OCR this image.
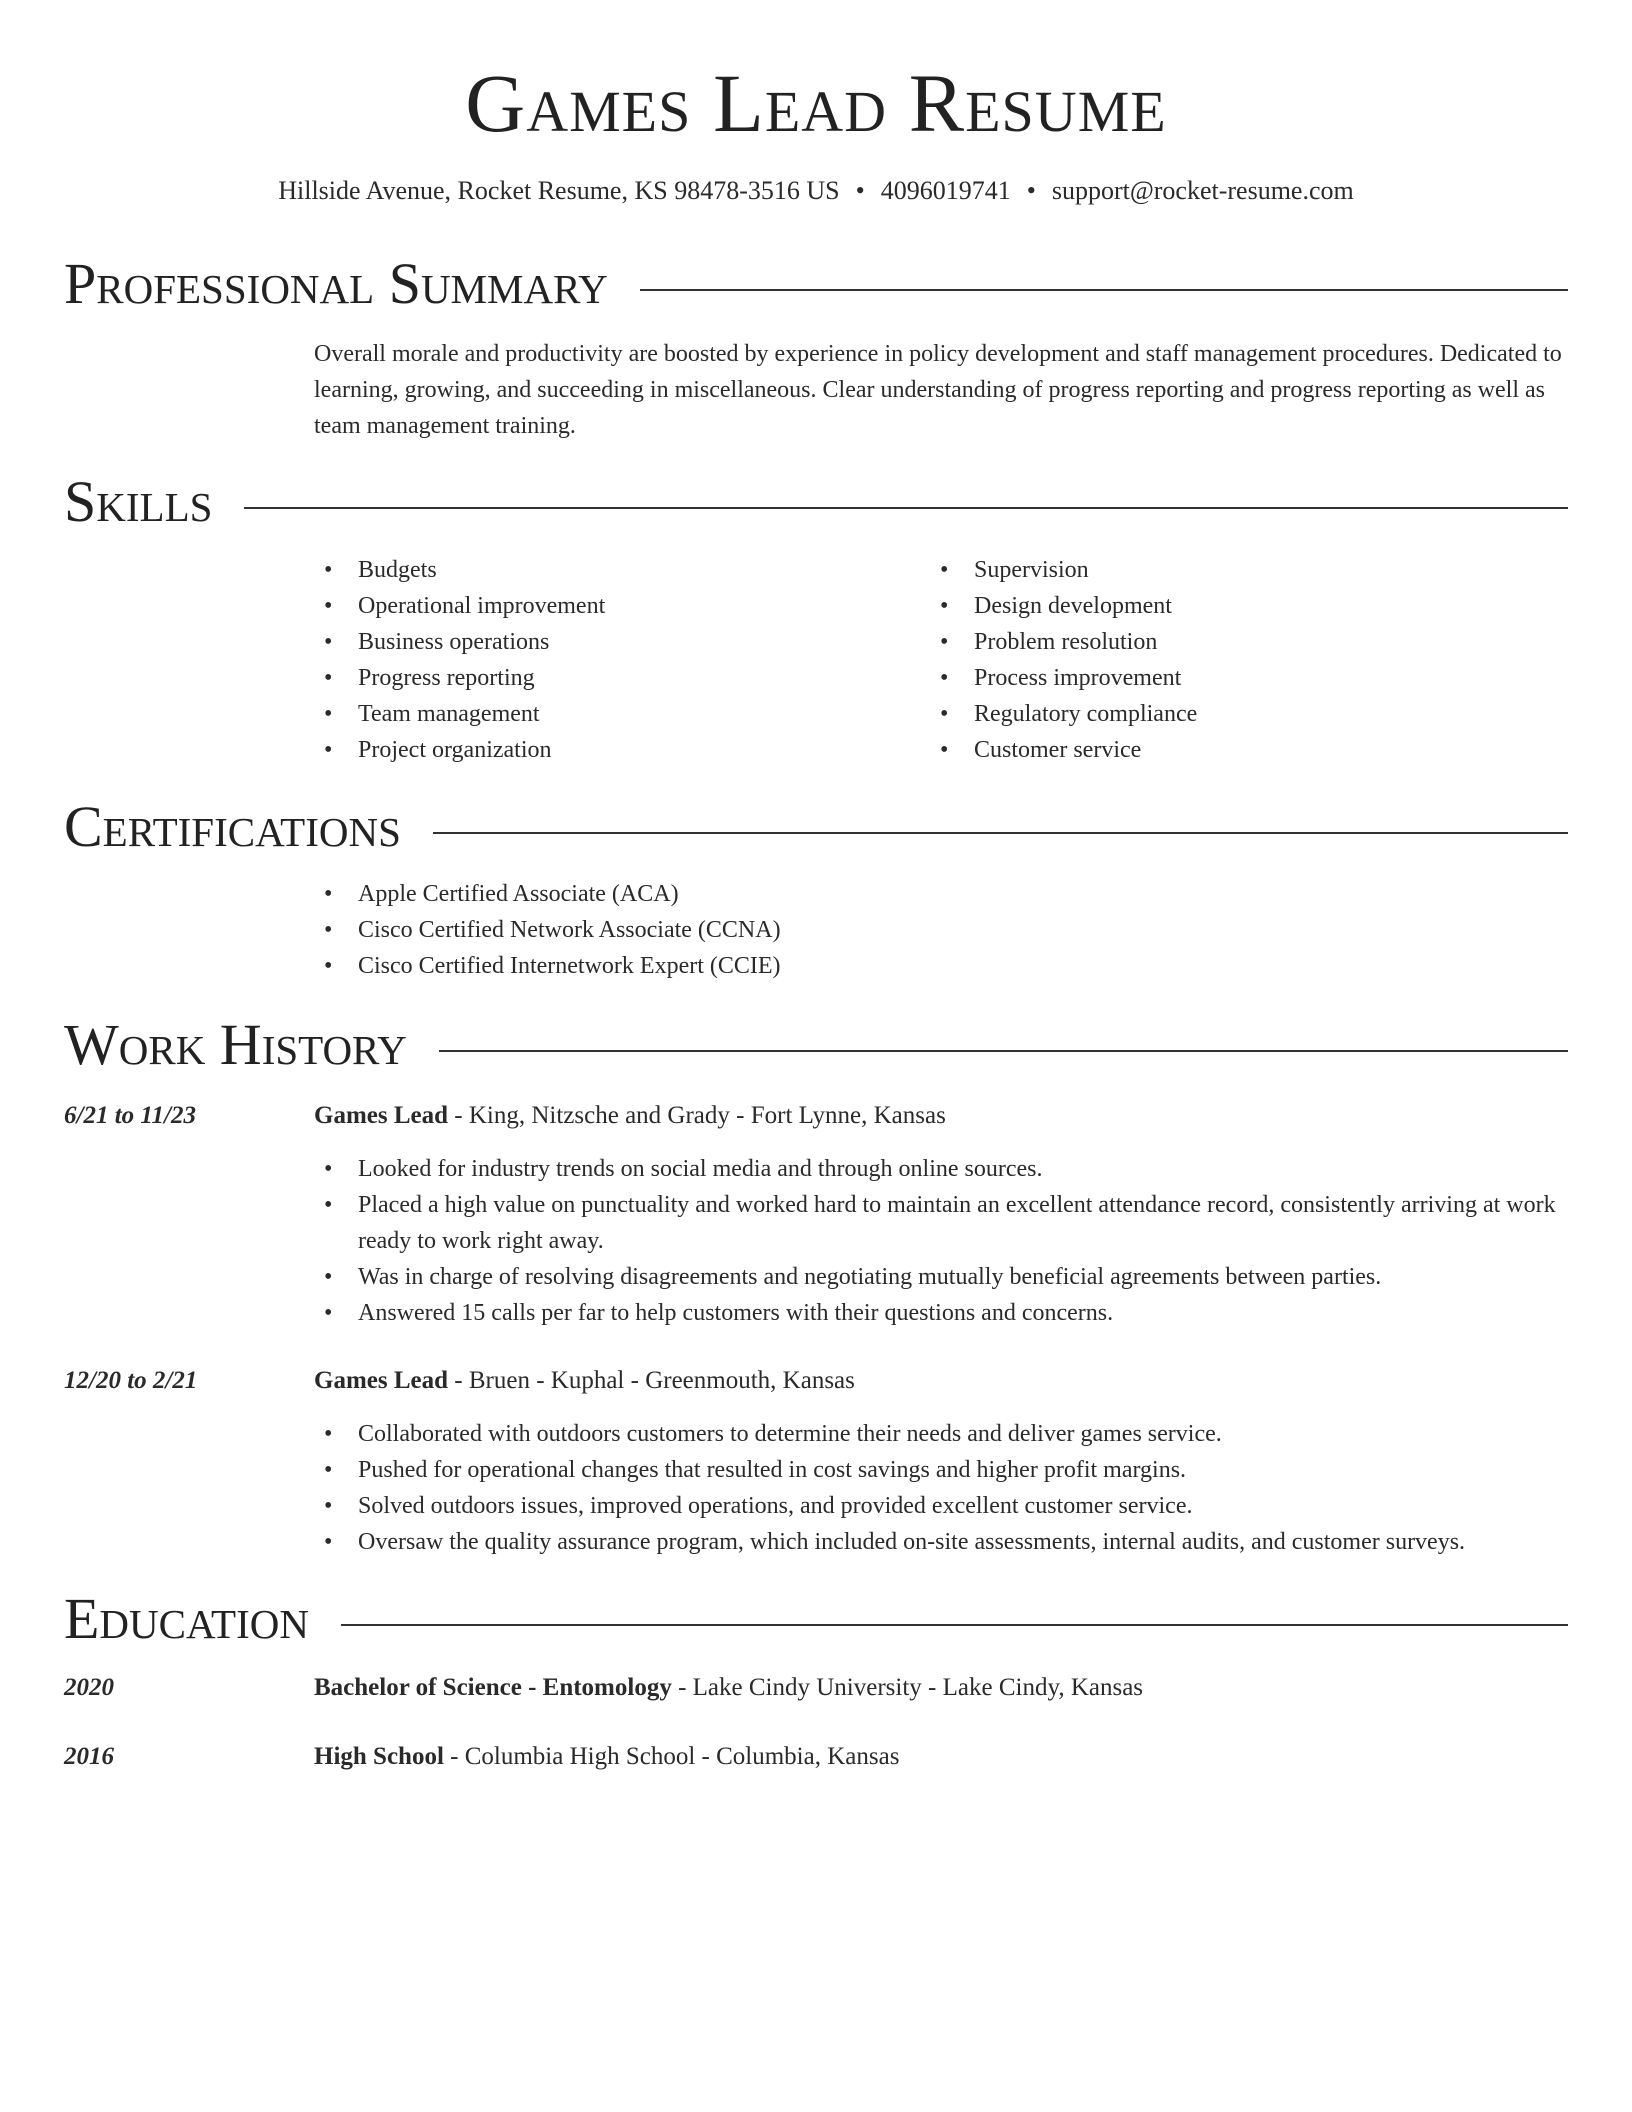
Games Lead Resume
Hillside Avenue, Rocket Resume, KS 98478-3516 US • 4096019741 • support@rocket-resume.com
Professional Summary

Overall morale and productivity are boosted by experience in policy development and staff management procedures. Dedicated to learning, growing, and succeeding in miscellaneous. Clear understanding of progress reporting and progress reporting as well as team management training.

Skills
• Budgets
• Operational improvement
• Business operations
• Progress reporting
• Team management
• Project organization
• Supervision
• Design development
• Problem resolution
• Process improvement
• Regulatory compliance
• Customer service
Certifications
• Apple Certified Associate (ACA)
• Cisco Certified Network Associate (CCNA)
• Cisco Certified Internetwork Expert (CCIE)
Work History
6/21 to 11/23	Games Lead - King, Nitzsche and Grady - Fort Lynne, Kansas
• Looked for industry trends on social media and through online sources.
• Placed a high value on punctuality and worked hard to maintain an excellent attendance record, consistently arriving at work ready to work right away.
• Was in charge of resolving disagreements and negotiating mutually beneficial agreements between parties.
• Answered 15 calls per far to help customers with their questions and concerns.
12/20 to 2/21	Games Lead - Bruen - Kuphal - Greenmouth, Kansas
• Collaborated with outdoors customers to determine their needs and deliver games service.
• Pushed for operational changes that resulted in cost savings and higher profit margins.
• Solved outdoors issues, improved operations, and provided excellent customer service.
• Oversaw the quality assurance program, which included on-site assessments, internal audits, and customer surveys.
Education
2020	Bachelor of Science - Entomology - Lake Cindy University - Lake Cindy, Kansas
2016	High School - Columbia High School - Columbia, Kansas
